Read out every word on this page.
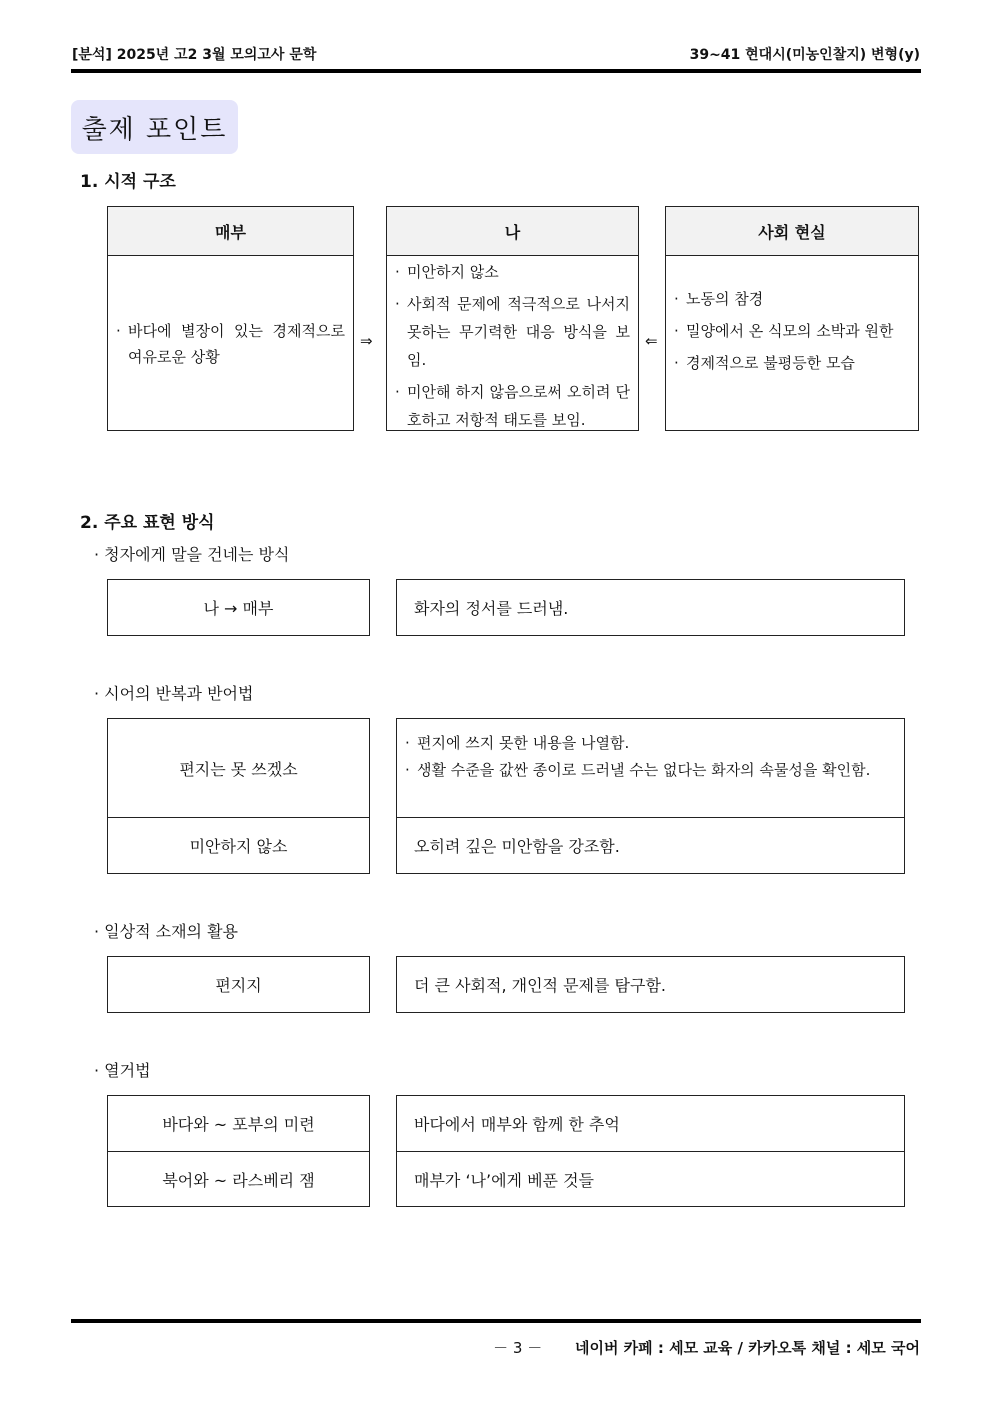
[분석] 2025년 고2 3월 모의고사 문학	39~41 현대시(미농인찰지) 변형(y)
출제 포인트
1. 시적 구조
매부
· 바다에 별장이 있는 경제적으로 여유로운 상황
⇒
나
· 미안하지 않소
· 사회적 문제에 적극적으로 나서지 못하는 무기력한 대응 방식을 보임.
· 미안해 하지 않음으로써 오히려 단호하고 저항적 태도를 보임.
⇐
사회 현실
· 노동의 참경
· 밀양에서 온 식모의 소박과 원한
· 경제적으로 불평등한 모습
2. 주요 표현 방식
· 청자에게 말을 건네는 방식
나 → 매부	화자의 정서를 드러냄.
· 시어의 반복과 반어법
편지는 못 쓰겠소
· 편지에 쓰지 못한 내용을 나열함.
· 생활 수준을 값싼 종이로 드러낼 수는 없다는 화자의 속물성을 확인함.
미안하지 않소	오히려 깊은 미안함을 강조함.
· 일상적 소재의 활용
편지지	더 큰 사회적, 개인적 문제를 탐구함.
· 열거법
바다와 ~ 포부의 미련	바다에서 매부와 함께 한 추억
북어와 ~ 라스베리 잼	매부가 ‘나’에게 베푼 것들
－ 3 － 네이버 카페 : 세모 교육 / 카카오톡 채널 : 세모 국어
